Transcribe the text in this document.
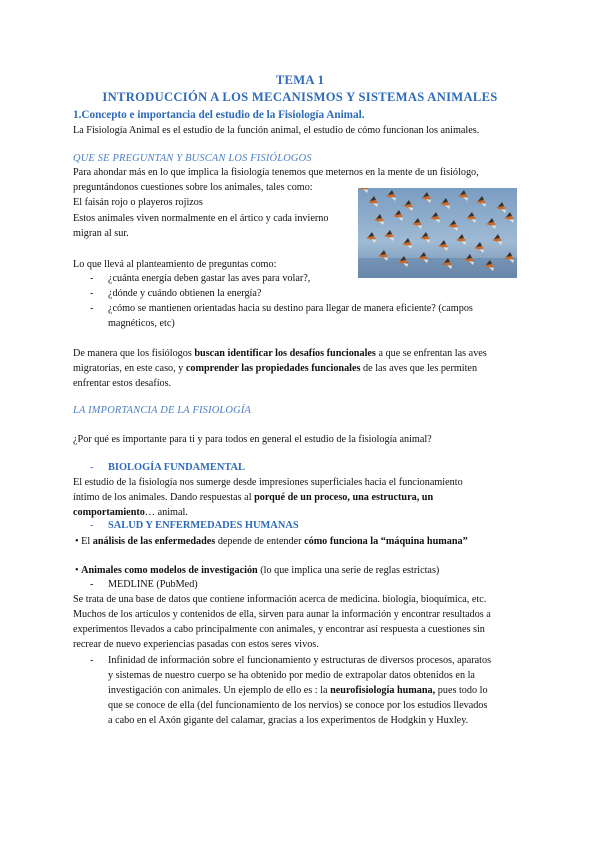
TEMA 1
INTRODUCCIÓN A LOS MECANISMOS Y SISTEMAS ANIMALES
1.Concepto e importancia del estudio de la Fisiología Animal.
La Fisiología Animal es el estudio de la función animal, el estudio de cómo funcionan los animales.
QUE SE PREGUNTAN Y BUSCAN LOS FISIÓLOGOS
Para ahondar más en lo que implica la fisiología tenemos que meternos en la mente de un fisiólogo,
preguntándonos cuestiones sobre los animales, tales como:
El faisán rojo o playeros rojizos
Estos animales viven normalmente en el ártico y cada invierno
migran al sur.
Lo que llevá al planteamiento de preguntas como:
- ¿cuánta energía deben gastar las aves para volar?,
- ¿dónde y cuándo obtienen la energía?
- ¿cómo se mantienen orientadas hacia su destino para llegar de manera eficiente? (campos
magnéticos, etc)
De manera que los fisiólogos buscan identificar los desafíos funcionales a que se enfrentan las aves
migratorias, en este caso, y comprender las propiedades funcionales de las aves que les permiten
enfrentar estos desafíos.
LA IMPORTANCIA DE LA FISIOLOGÍA
¿Por qué es importante para ti y para todos en general el estudio de la fisiología animal?
- BIOLOGÍA FUNDAMENTAL
El estudio de la fisiología nos sumerge desde impresiones superficiales hacia el funcionamiento
íntimo de los animales. Dando respuestas al porqué de un proceso, una estructura, un
comportamiento… animal.
- SALUD Y ENFERMEDADES HUMANAS
• El análisis de las enfermedades depende de entender cómo funciona la “máquina humana”
• Animales como modelos de investigación (lo que implica una serie de reglas estrictas)
- MEDLINE (PubMed)
Se trata de una base de datos que contiene información acerca de medicina. biología, bioquímica, etc.
Muchos de los artículos y contenidos de ella, sirven para aunar la información y encontrar resultados a
experimentos llevados a cabo principalmente con animales, y encontrar así respuesta a cuestiones sin
recrear de nuevo experiencias pasadas con estos seres vivos.
- Infinidad de información sobre el funcionamiento y estructuras de diversos procesos, aparatos
y sistemas de nuestro cuerpo se ha obtenido por medio de extrapolar datos obtenidos en la
investigación con animales. Un ejemplo de ello es : la neurofisiología humana, pues todo lo
que se conoce de ella (del funcionamiento de los nervios) se conoce por los estudios llevados
a cabo en el Axón gigante del calamar, gracias a los experimentos de Hodgkin y Huxley.
